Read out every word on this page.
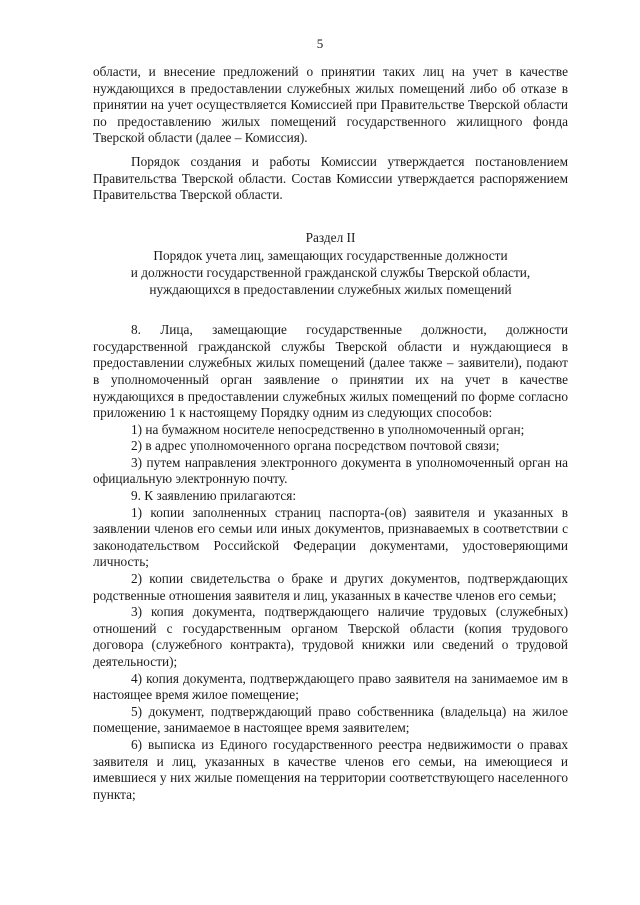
5

области, и внесение предложений о принятии таких лиц на учет в качестве нуждающихся в предоставлении служебных жилых помещений либо об отказе в принятии на учет осуществляется Комиссией при Правительстве Тверской области по предоставлению жилых помещений государственного жилищного фонда Тверской области (далее – Комиссия).

Порядок создания и работы Комиссии утверждается постановлением Правительства Тверской области. Состав Комиссии утверждается распоряжением Правительства Тверской области.

Раздел II
Порядок учета лиц, замещающих государственные должности
и должности государственной гражданской службы Тверской области,
нуждающихся в предоставлении служебных жилых помещений

8. Лица, замещающие государственные должности, должности государственной гражданской службы Тверской области и нуждающиеся в предоставлении служебных жилых помещений (далее также – заявители), подают в уполномоченный орган заявление о принятии их на учет в качестве нуждающихся в предоставлении служебных жилых помещений по форме согласно приложению 1 к настоящему Порядку одним из следующих способов:

1) на бумажном носителе непосредственно в уполномоченный орган;

2) в адрес уполномоченного органа посредством почтовой связи;

3) путем направления электронного документа в уполномоченный орган на официальную электронную почту.

9. К заявлению прилагаются:

1) копии заполненных страниц паспорта-(ов) заявителя и указанных в заявлении членов его семьи или иных документов, признаваемых в соответствии с законодательством Российской Федерации документами, удостоверяющими личность;

2) копии свидетельства о браке и других документов, подтверждающих родственные отношения заявителя и лиц, указанных в качестве членов его семьи;

3) копия документа, подтверждающего наличие трудовых (служебных) отношений с государственным органом Тверской области (копия трудового договора (служебного контракта), трудовой книжки или сведений о трудовой деятельности);

4) копия документа, подтверждающего право заявителя на занимаемое им в настоящее время жилое помещение;

5) документ, подтверждающий право собственника (владельца) на жилое помещение, занимаемое в настоящее время заявителем;

6) выписка из Единого государственного реестра недвижимости о правах заявителя и лиц, указанных в качестве членов его семьи, на имеющиеся и имевшиеся у них жилые помещения на территории соответствующего населенного пункта;
